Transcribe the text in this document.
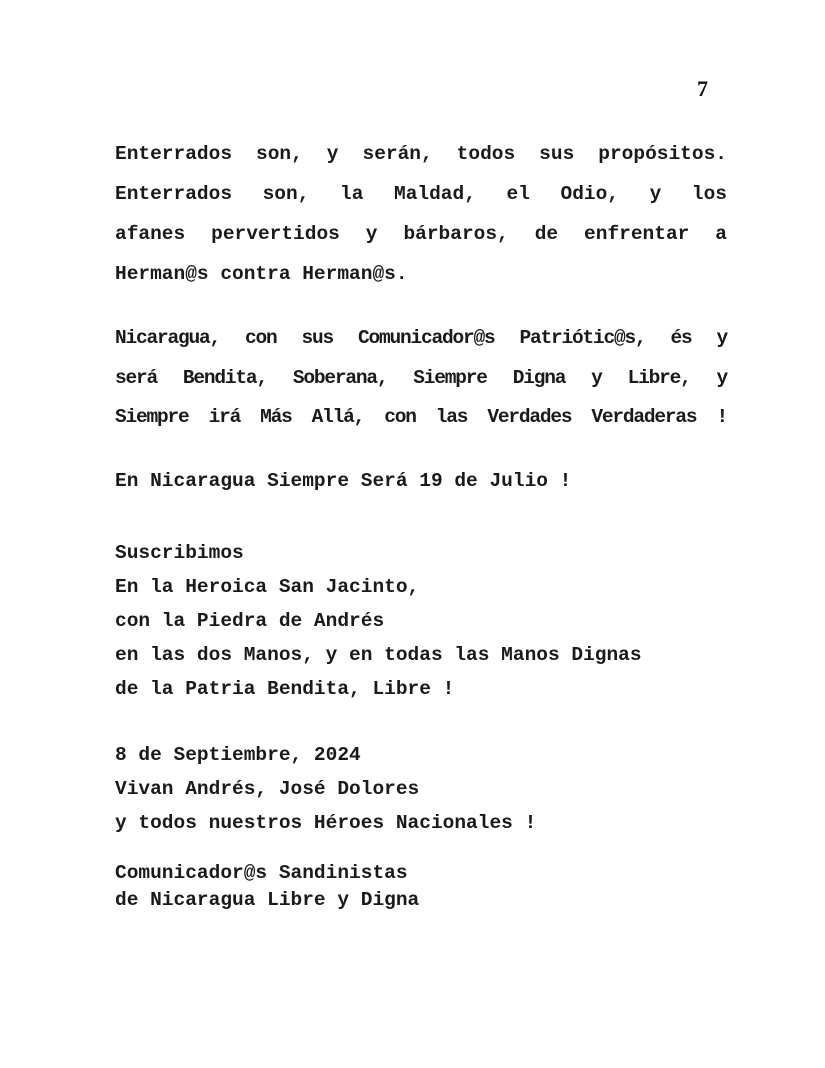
7
Enterrados son, y serán, todos sus propósitos.
Enterrados son, la Maldad, el Odio, y los
afanes pervertidos y bárbaros, de enfrentar a
Herman@s contra Herman@s.
Nicaragua, con sus Comunicador@s Patriótic@s, és y
será Bendita, Soberana, Siempre Digna y Libre, y
Siempre irá Más Allá, con las Verdades Verdaderas !
En Nicaragua Siempre Será 19 de Julio !
Suscribimos
En la Heroica San Jacinto,
con la Piedra de Andrés
en las dos Manos, y en todas las Manos Dignas
de la Patria Bendita, Libre !
8 de Septiembre, 2024
Vivan Andrés, José Dolores
y todos nuestros Héroes Nacionales !
Comunicador@s Sandinistas
de Nicaragua Libre y Digna
